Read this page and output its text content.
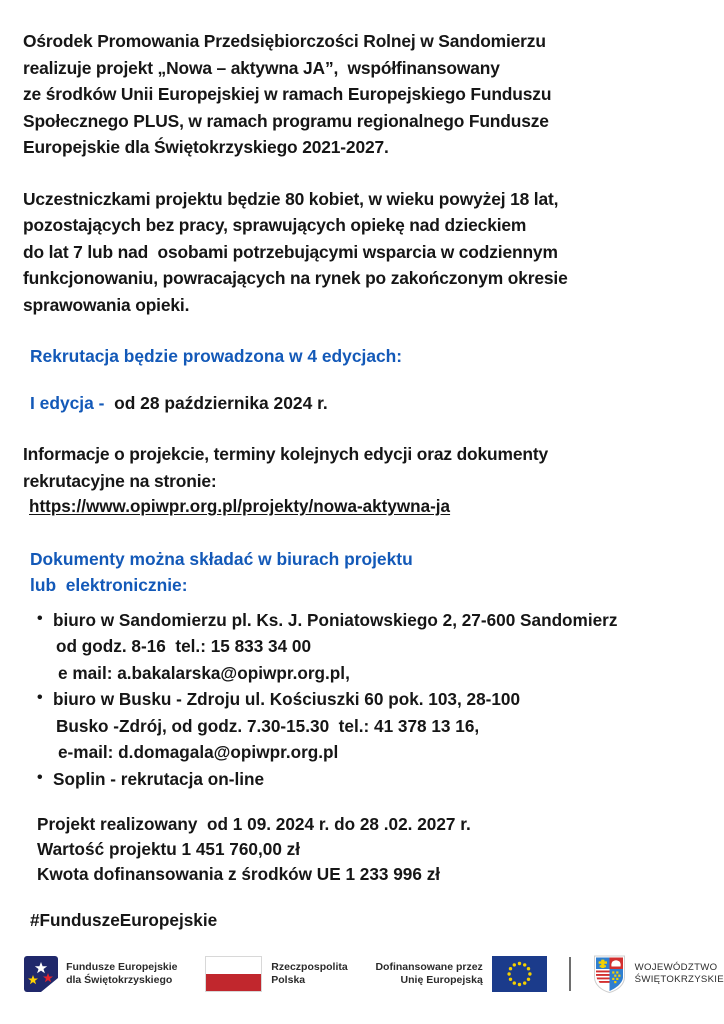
Ośrodek Promowania Przedsiębiorczości Rolnej w Sandomierzu
realizuje projekt „Nowa – aktywna JA”,  współfinansowany
ze środków Unii Europejskiej w ramach Europejskiego Funduszu
Społecznego PLUS, w ramach programu regionalnego Fundusze
Europejskie dla Świętokrzyskiego 2021-2027.

Uczestniczkami projektu będzie 80 kobiet, w wieku powyżej 18 lat,
pozostających bez pracy, sprawujących opiekę nad dzieckiem
do lat 7 lub nad  osobami potrzebującymi wsparcia w codziennym
funkcjonowaniu, powracających na rynek po zakończonym okresie
sprawowania opieki.

Rekrutacja będzie prowadzona w 4 edycjach:

I edycja -  od 28 października 2024 r.

Informacje o projekcie, terminy kolejnych edycji oraz dokumenty
rekrutacyjne na stronie:

https://www.opiwpr.org.pl/projekty/nowa-aktywna-ja

Dokumenty można składać w biurach projektu

lub  elektronicznie:

• biuro w Sandomierzu pl. Ks. J. Poniatowskiego 2, 27-600 Sandomierz
od godz. 8-16  tel.: 15 833 34 00
e mail: a.bakalarska@opiwpr.org.pl,
• biuro w Busku - Zdroju ul. Kościuszki 60 pok. 103, 28-100
Busko -Zdrój, od godz. 7.30-15.30  tel.: 41 378 13 16,
e-mail: d.domagala@opiwpr.org.pl
• Soplin - rekrutacja on-line

Projekt realizowany  od 1 09. 2024 r. do 28 .02. 2027 r.
Wartość projektu 1 451 760,00 zł
Kwota dofinansowania z środków UE 1 233 996 zł

#FunduszeEuropejskie

Fundusze Europejskie
dla Świętokrzyskiego
Rzeczpospolita
Polska
Dofinansowane przez
Unię Europejską
WOJEWÓDZTWO
ŚWIĘTOKRZYSKIE
